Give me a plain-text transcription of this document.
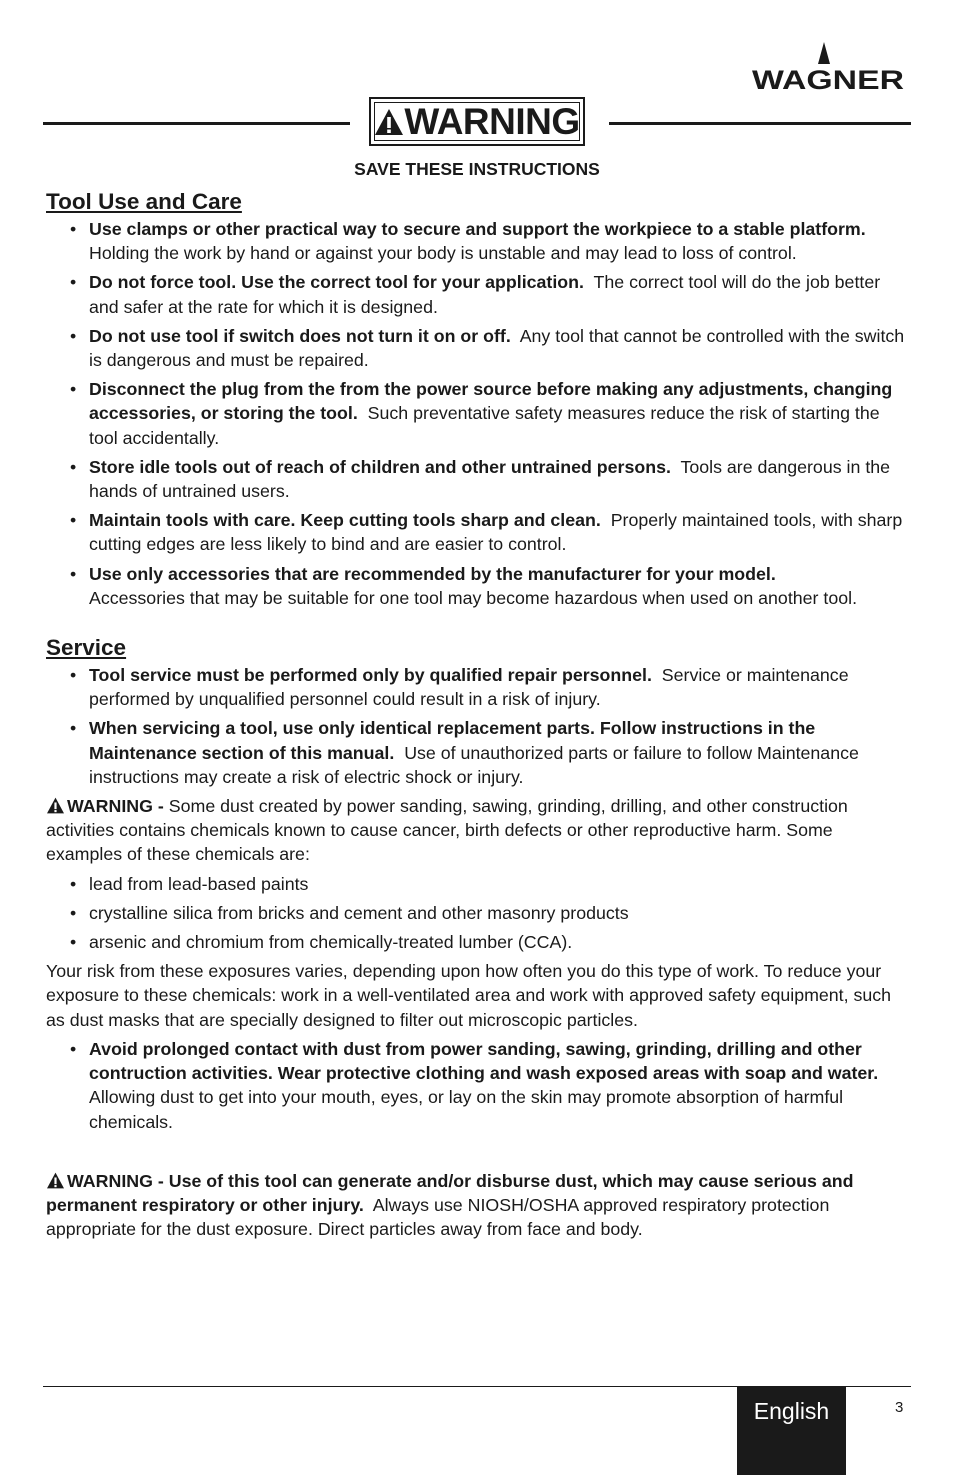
WAGNER
WARNING
SAVE THESE INSTRUCTIONS
Tool Use and Care
• Use clamps or other practical way to secure and support the workpiece to a stable platform.  Holding the work by hand or against your body is unstable and may lead to loss of control.
• Do not force tool. Use the correct tool for your application. The correct tool will do the job better and safer at the rate for which it is designed.
• Do not use tool if switch does not turn it on or off. Any tool that cannot be controlled with the switch is dangerous and must be repaired.
• Disconnect the plug from the from the power source before making any adjustments, changing accessories, or storing the tool. Such preventative safety measures reduce the risk of starting the tool accidentally.
• Store idle tools out of reach of children and other untrained persons. Tools are dangerous in the hands of untrained users.
• Maintain tools with care. Keep cutting tools sharp and clean. Properly maintained tools, with sharp cutting edges are less likely to bind and are easier to control.
• Use only accessories that are recommended by the manufacturer for your model.
Accessories that may be suitable for one tool may become hazardous when used on another tool.
Service
• Tool service must be performed only by qualified repair personnel. Service or maintenance performed by unqualified personnel could result in a risk of injury.
• When servicing a tool, use only identical replacement parts. Follow instructions in the Maintenance section of this manual. Use of unauthorized parts or failure to follow Maintenance instructions may create a risk of electric shock or injury.

WARNING - Some dust created by power sanding, sawing, grinding, drilling, and other construction activities contains chemicals known to cause cancer, birth defects or other reproductive harm. Some examples of these chemicals are:

• lead from lead-based paints
• crystalline silica from bricks and cement and other masonry products
• arsenic and chromium from chemically-treated lumber (CCA).

Your risk from these exposures varies, depending upon how often you do this type of work. To reduce your exposure to these chemicals: work in a well-ventilated area and work with approved safety equipment, such as dust masks that are specially designed to filter out microscopic particles.

• Avoid prolonged contact with dust from power sanding, sawing, grinding, drilling and other contruction activities. Wear protective clothing and wash exposed areas with soap and water.  Allowing dust to get into your mouth, eyes, or lay on the skin may promote absorption of harmful chemicals.

WARNING - Use of this tool can generate and/or disburse dust, which may cause serious and permanent respiratory or other injury. Always use NIOSH/OSHA approved respiratory protection appropriate for the dust exposure. Direct particles away from face and body.

English	3
